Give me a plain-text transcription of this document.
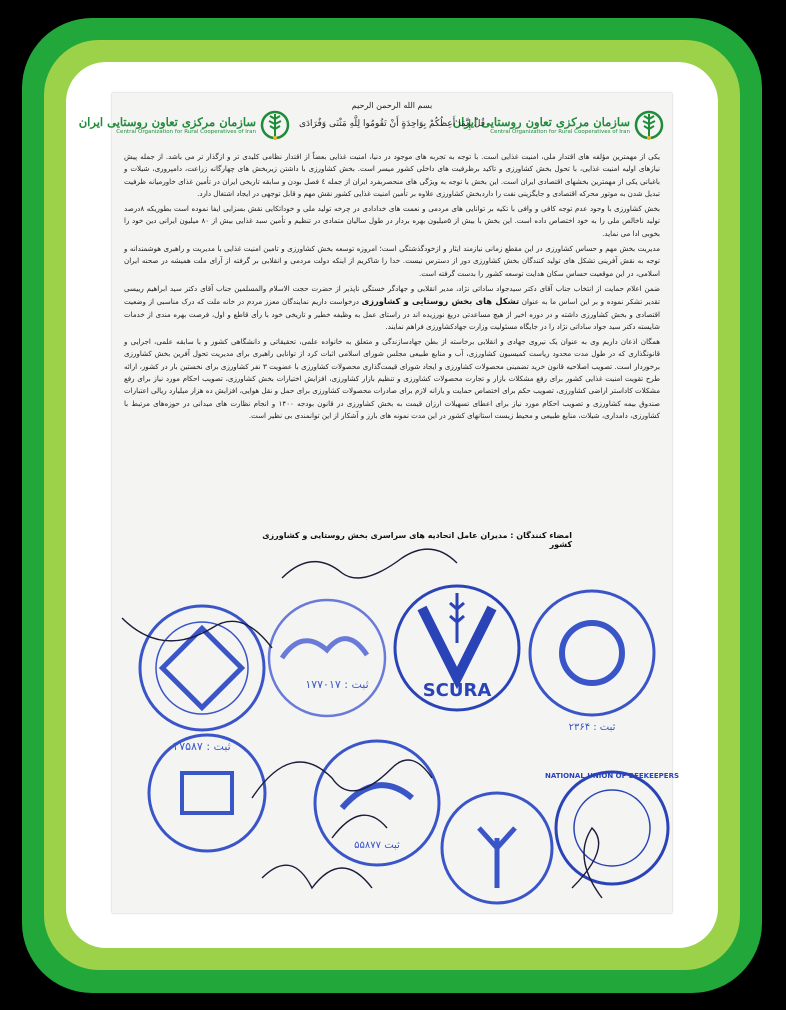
سازمان مرکزی تعاون روستایی ایران
Central Organization for Rural Cooperatives of Iran
سازمان مرکزی تعاون روستایی ایران
Central Organization for Rural Cooperatives of Iran
بسم الله الرحمن الرحيم
قُلْ إِنَّمَا أَعِظُكُمْ بِوَاحِدَةٍ أَنْ تَقُومُوا لِلَّهِ مَثْنَى وَفُرَادَى

یکی از مهمترین مؤلفه های اقتدار ملی، امنیت غذایی است. با توجه به تجربه های موجود در دنیا، امنیت غذایی بعضاً از اقتدار نظامی کلیدی تر و ازگذار تر می باشد. از جمله پیش نیازهای اولیه امنیت غذایی، با تحول بخش کشاورزی و تاکید برظرفیت های داخلی کشور میسر است. بخش کشاورزی با داشتن زیربخش های چهارگانه زراعت، دامپروری، شیلات و باغبانی یکی از مهمترین بخشهای اقتصادی ایران است. این بخش با توجه به ویژگی های منحصربفرد ایران از جمله ٤ فصل بودن و سابقه تاریخی ایران در تأمین غذای خاورمیانه ظرفیت تبدیل شدن به موتور محرکه اقتصادی و جایگزینی نفت را داردبخش کشاورزی علاوه بر تأمین امنیت غذایی کشور نقش مهم و قابل توجهی در ایجاد اشتغال دارد.

بخش کشاورزی با وجود عدم توجه کافی و وافی با تکیه بر توانایی های مردمی و نعمت های خدادادی در چرخه تولید ملی و خوداتکایی نقش بسزایی ایفا نموده است بطوریکه ۸درصد تولید ناخالص ملی را به خود اختصاص داده است. این بخش با بیش از ۵میلیون بهره بردار در طول سالیان متمادی در تنظیم و تأمین سبد غذایی بیش از ۸۰ میلیون ایرانی دین خود را بخوبی ادا می نماید.

مدیریت بخش مهم و حساس کشاورزی در این مقطع زمانی نیازمند ایثار و ازخودگذشتگی است؛ امروزه توسعه بخش کشاورزی و تامین امنیت غذایی با مدیریت و راهبری هوشمندانه و توجه به نقش آفرینی تشکل های تولید کنندگان بخش کشاورزی دور از دسترس نیست. خدا را شاکریم از اینکه دولت مردمی و انقلابی بر گرفته از آرای ملت همیشه در صحنه ایران اسلامی، در این موقعیت حساس سکان هدایت توسعه کشور را بدست گرفته است.

ضمن اعلام حمایت از انتخاب جناب آقای دکتر سیدجواد ساداتی نژاد، مدیر انقلابی و جهادگر خستگی ناپذیر از حضرت حجت الاسلام والمسلمین جناب آقای دکتر سید ابراهیم رییسی تقدیر تشکر نموده و بر این اساس ما به عنوان تشکل های بخش روستایی و کشاورزی درخواست داریم نمایندگان معزز مردم در خانه ملت که درک مناسبی از وضعیت اقتصادی و بخش کشاورزی داشته و در دوره اخیر از هیچ مساعدتی دریغ نورزیده اند در راستای عمل به وظیفه خطیر و تاریخی خود با رأی قاطع و اول، فرصت بهره مندی از خدمات شایسته دکتر سید جواد ساداتی نژاد را در جایگاه مسئولیت وزارت جهادکشاورزی فراهم نمایند.

همگان اذعان داریم وی به عنوان یک نیروی جهادی و انقلابی برخاسته از بطن جهادسازندگی و متعلق به خانواده علمی، تحقیقاتی و دانشگاهی کشور و با سابقه علمی، اجرایی و قانونگذاری که در طول مدت محدود ریاست کمیسیون کشاورزی، آب و منابع طبیعی مجلس شورای اسلامی اثبات کرد از توانایی راهبری برای مدیریت تحول آفرین بخش کشاورزی برخوردار است. تصویب اصلاحیه قانون خرید تضمینی محصولات کشاورزی و ایجاد شورای قیمت‌گذاری محصولات کشاورزی با عضویت ۳ نفر کشاورزی برای نخستین بار در کشور، ارائه طرح تقویت امنیت غذایی کشور برای رفع مشکلات بازار و تجارت محصولات کشاورزی و تنظیم بازار کشاورزی، افزایش اختیارات بخش کشاورزی، تصویب احکام مورد نیاز برای رفع مشکلات کاداستر اراضی کشاورزی، تصویب حکم برای اختصاص حمایت و یارانه لازم برای صادرات محصولات کشاورزی برای حمل و نقل هوایی، افزایش ده هزار میلیارد ریالی اعتبارات صندوق بیمه کشاورزی و تصویب احکام مورد نیاز برای اعطای تسهیلات ارزان قیمت به بخش کشاورزی در قانون بودجه ۱۴۰۰ و انجام نظارت های میدانی در حوزه‌های مرتبط با کشاورزی، دامداری، شیلات، منابع طبیعی و محیط زیست استانهای کشور در این مدت نمونه های بارز و آشکار از این توانمندی بی نظیر است.

امضاء کنندگان : مدیران عامل اتحادیه های سراسری بخش روستایی و کشاورزی کشور
۲۷۵۸۷ : ثبت
۱۷۷۰۱۷ : ثبت	SCURA
۲۳۶۴ : ثبت
۵۵۸۷۷ ثبت
NATIONAL UNION OF BEEKEEPERS
